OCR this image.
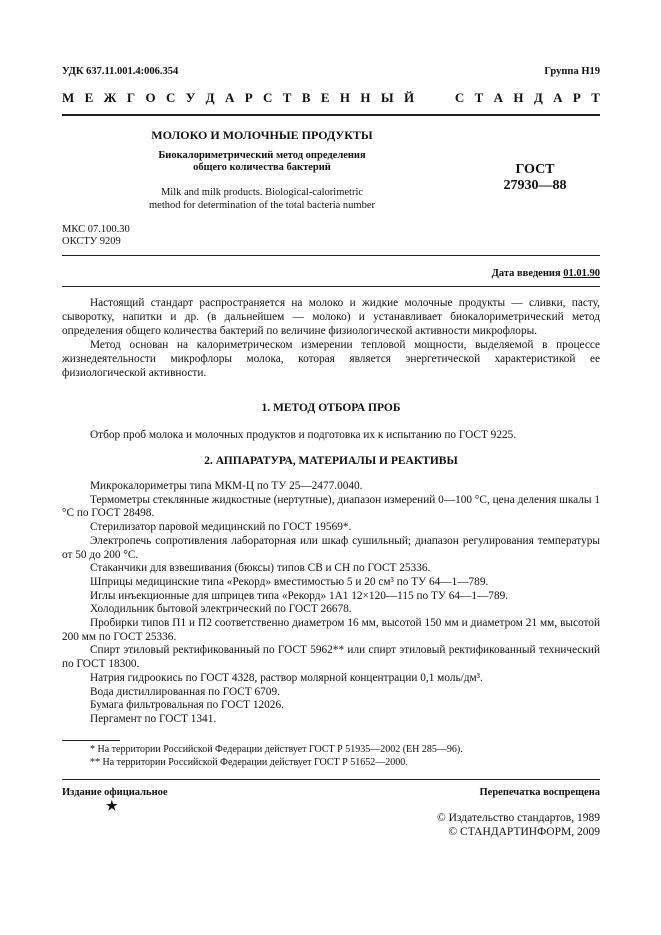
УДК 637.11.001.4:006.354	Группа Н19
М Е Ж Г О С У Д А Р С Т В Е Н Н Ы Й	С Т А Н Д А Р Т
МОЛОКО И МОЛОЧНЫЕ ПРОДУКТЫ
Биокалориметрический метод определения
общего количества бактерий
Milk and milk products. Biological-calorimetric
method for determination of the total bacteria number
ГОСТ
27930—88
МКС 07.100.30
ОКСТУ 9209
Дата введения 01.01.90

Настоящий стандарт распространяется на молоко и жидкие молочные продукты — сливки, пасту, сыворотку, напитки и др. (в дальнейшем — молоко) и устанавливает биокалориметрический метод определения общего количества бактерий по величине физиологической активности микрофлоры.

Метод основан на калориметрическом измерении тепловой мощности, выделяемой в процессе жизнедеятельности микрофлоры молока, которая является энергетической характеристикой ее физиологической активности.

1. МЕТОД ОТБОРА ПРОБ

Отбор проб молока и молочных продуктов и подготовка их к испытанию по ГОСТ 9225.

2. АППАРАТУРА, МАТЕРИАЛЫ И РЕАКТИВЫ

Микрокалориметры типа МКМ-Ц по ТУ 25—2477.0040.

Термометры стеклянные жидкостные (нертутные), диапазон измерений 0—100 °С, цена деления шкалы 1 °С по ГОСТ 28498.

Стерилизатор паровой медицинский по ГОСТ 19569*.

Электропечь сопротивления лабораторная или шкаф сушильный; диапазон регулирования температуры от 50 до 200 °С.

Стаканчики для взвешивания (бюксы) типов СВ и СН по ГОСТ 25336.

Шприцы медицинские типа «Рекорд» вместимостью 5 и 20 см³ по ТУ 64—1—789.

Иглы инъекционные для шприцев типа «Рекорд» 1А1 12×120—115 по ТУ 64—1—789.

Холодильник бытовой электрический по ГОСТ 26678.

Пробирки типов П1 и П2 соответственно диаметром 16 мм, высотой 150 мм и диаметром 21 мм, высотой 200 мм по ГОСТ 25336.

Спирт этиловый ректификованный по ГОСТ 5962** или спирт этиловый ректификованный технический по ГОСТ 18300.

Натрия гидроокись по ГОСТ 4328, раствор молярной концентрации 0,1 моль/дм³.

Вода дистиллированная по ГОСТ 6709.

Бумага фильтровальная по ГОСТ 12026.

Пергамент по ГОСТ 1341.

* На территории Российской Федерации действует ГОСТ Р 51935—2002 (ЕН 285—96).
** На территории Российской Федерации действует ГОСТ Р 51652—2000.
Издание официальное
★
Перепечатка воспрещена
© Издательство стандартов, 1989
© СТАНДАРТИНФОРМ, 2009
